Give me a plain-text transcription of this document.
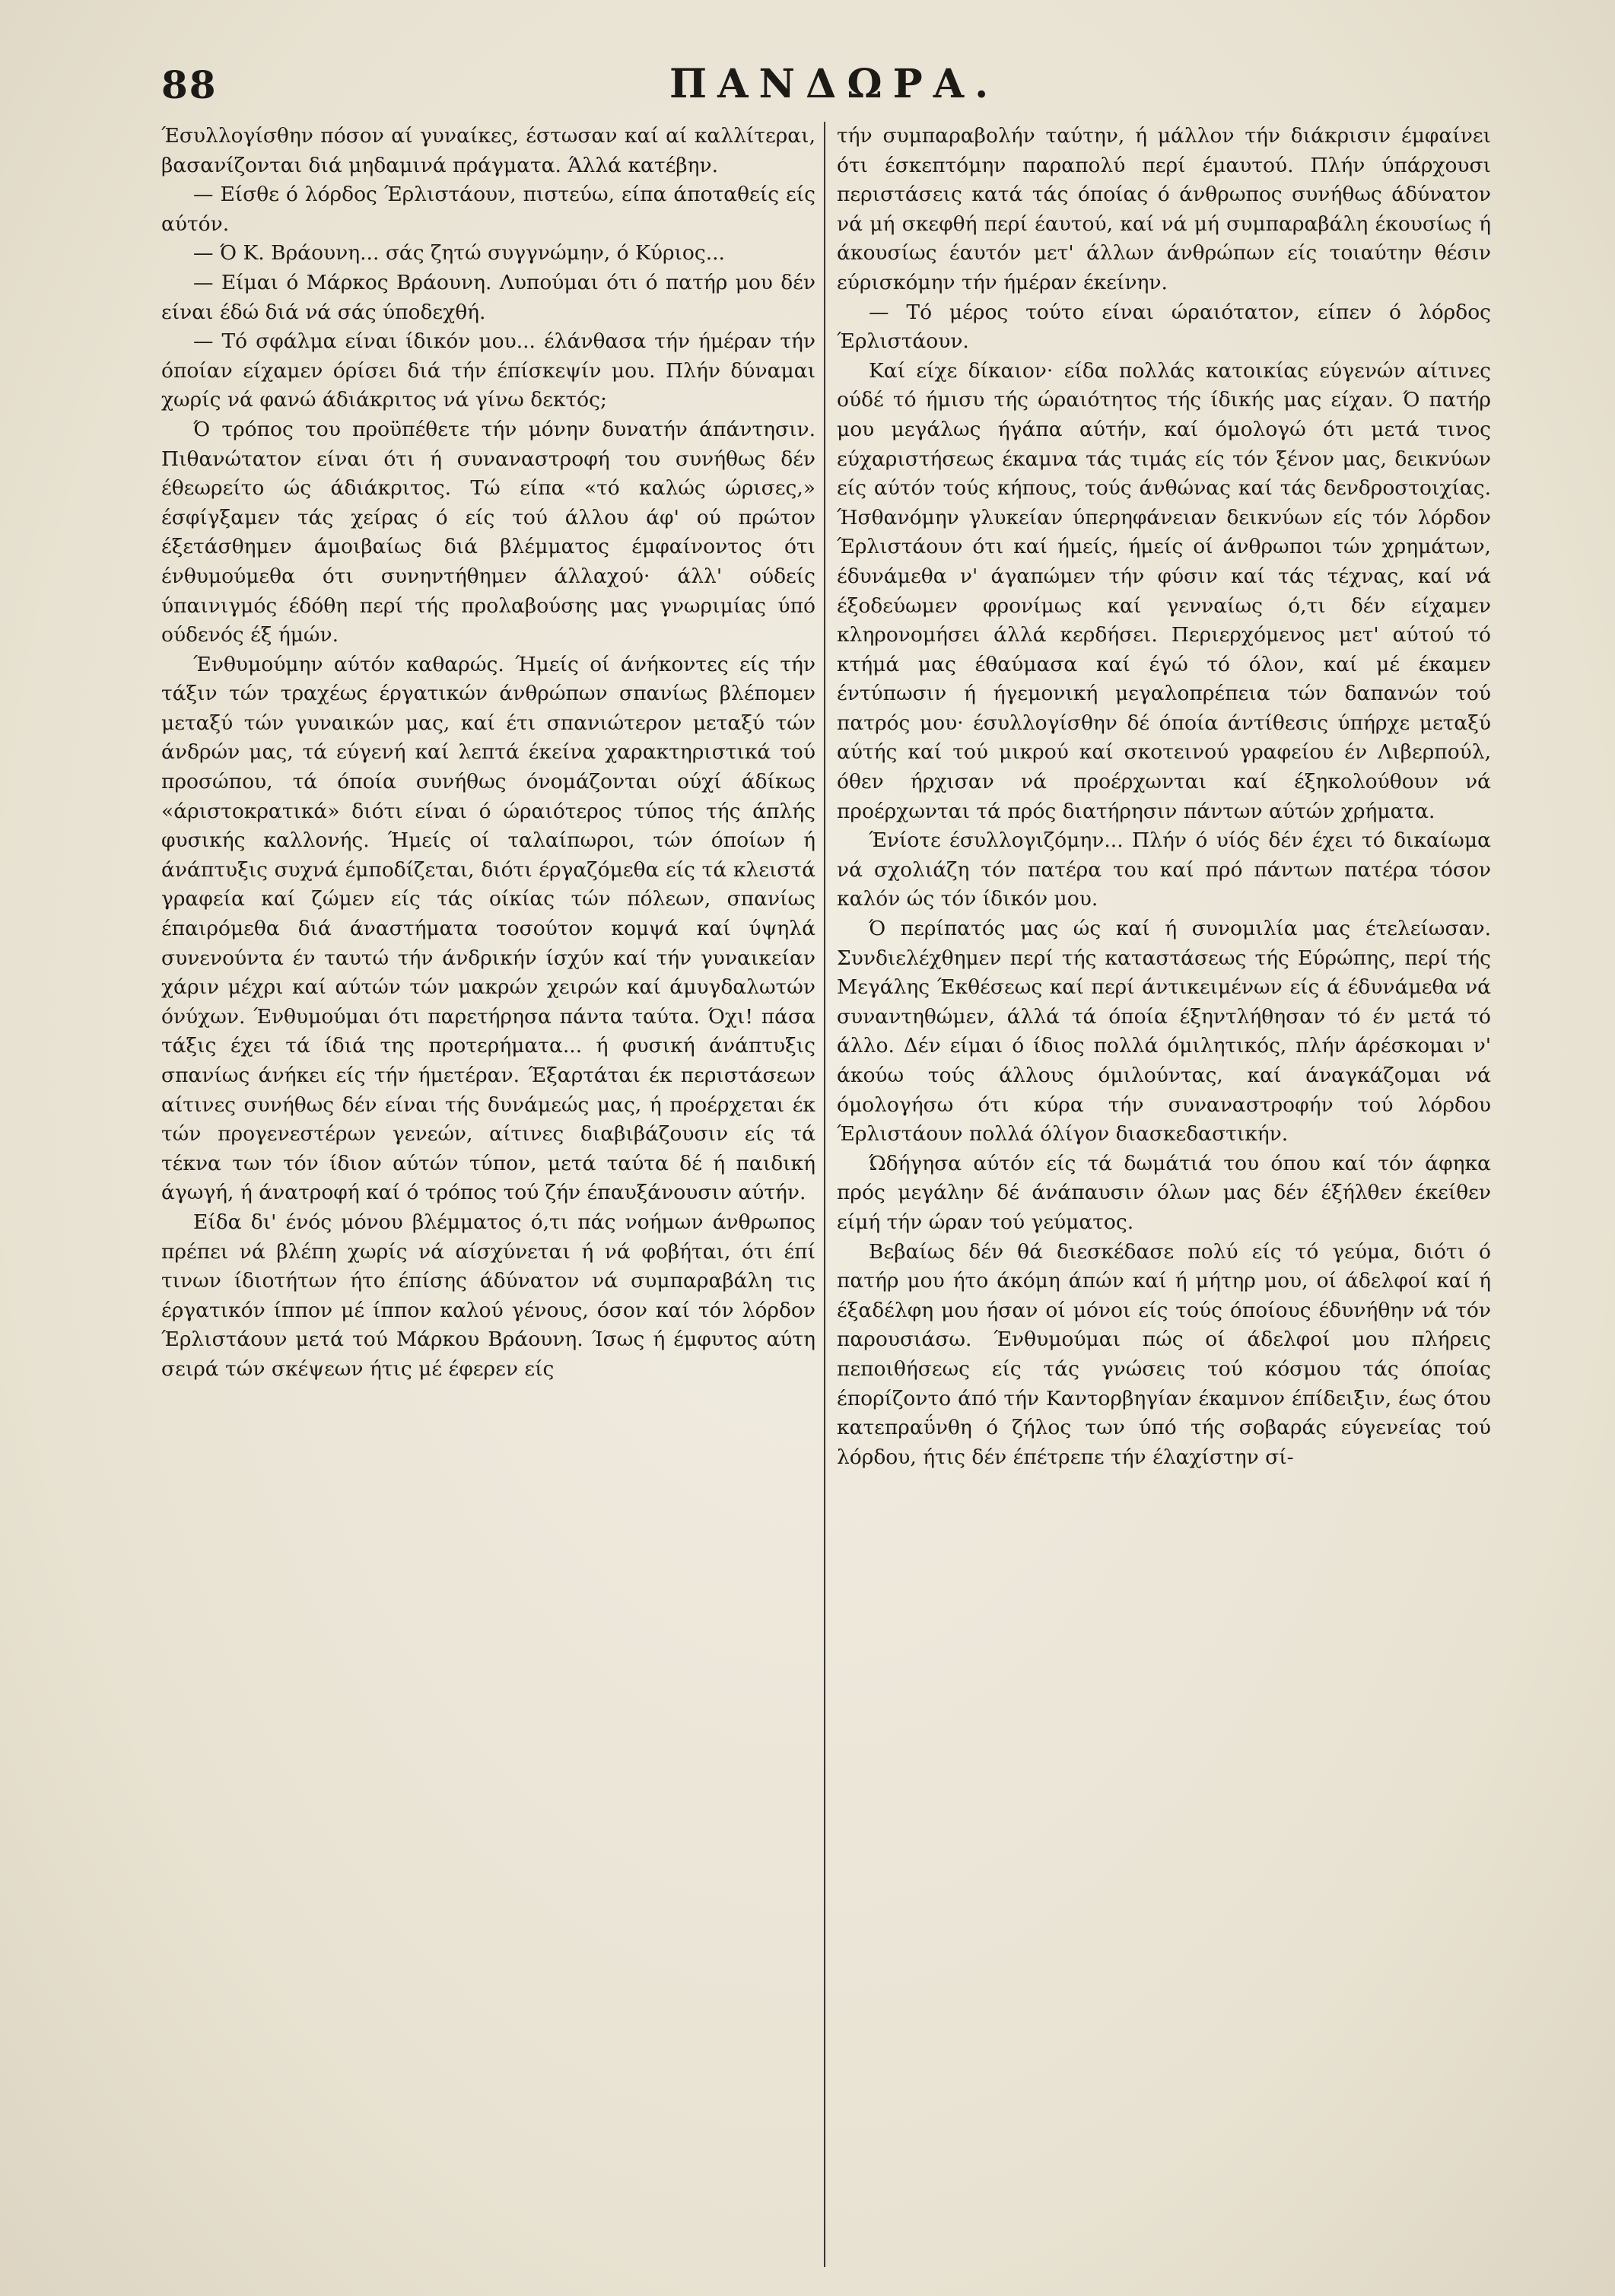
88	ΠΑΝΔΩΡΑ.

Έσυλλογίσθην πόσον αί γυναίκες, έστωσαν καί αί καλλίτεραι, βασανίζονται διά μηδαμινά πράγματα. Άλλά κατέβην.

— Είσθε ό λόρδος Έρλιστάουν, πιστεύω, είπα άποταθείς είς αύτόν.

— Ό Κ. Βράουνη... σάς ζητώ συγγνώμην, ό Κύριος...

— Είμαι ό Μάρκος Βράουνη. Λυπούμαι ότι ό πατήρ μου δέν είναι έδώ διά νά σάς ύποδεχθή.

— Τό σφάλμα είναι ίδικόν μου... έλάνθασα τήν ήμέραν τήν όποίαν είχαμεν όρίσει διά τήν έπίσκεψίν μου. Πλήν δύναμαι χωρίς νά φανώ άδιάκριτος νά γίνω δεκτός;

Ό τρόπος του προϋπέθετε τήν μόνην δυνατήν άπάντησιν. Πιθανώτατον είναι ότι ή συναναστροφή του συνήθως δέν έθεωρείτο ώς άδιάκριτος. Τώ είπα «τό καλώς ώρισες,» έσφίγξαμεν τάς χείρας ό είς τού άλλου άφ' ού πρώτον έξετάσθημεν άμοιβαίως διά βλέμματος έμφαίνοντος ότι ένθυμούμεθα ότι συνηντήθημεν άλλαχού· άλλ' ούδείς ύπαινιγμός έδόθη περί τής προλαβούσης μας γνωριμίας ύπό ούδενός έξ ήμών.

Ένθυμούμην αύτόν καθαρώς. Ήμείς οί άνήκοντες είς τήν τάξιν τών τραχέως έργατικών άνθρώπων σπανίως βλέπομεν μεταξύ τών γυναικών μας, καί έτι σπανιώτερον μεταξύ τών άνδρών μας, τά εύγενή καί λεπτά έκείνα χαρακτηριστικά τού προσώπου, τά όποία συνήθως όνομάζονται ούχί άδίκως «άριστοκρατικά» διότι είναι ό ώραιότερος τύπος τής άπλής φυσικής καλλονής. Ήμείς οί ταλαίπωροι, τών όποίων ή άνάπτυξις συχνά έμποδίζεται, διότι έργαζόμεθα είς τά κλειστά γραφεία καί ζώμεν είς τάς οίκίας τών πόλεων, σπανίως έπαιρόμεθα διά άναστήματα τοσούτον κομψά καί ύψηλά συνενούντα έν ταυτώ τήν άνδρικήν ίσχύν καί τήν γυναικείαν χάριν μέχρι καί αύτών τών μακρών χειρών καί άμυγδαλωτών όνύχων. Ένθυμούμαι ότι παρετήρησα πάντα ταύτα. Όχι! πάσα τάξις έχει τά ίδιά της προτερήματα... ή φυσική άνάπτυξις σπανίως άνήκει είς τήν ήμετέραν. Έξαρτάται έκ περιστάσεων αίτινες συνήθως δέν είναι τής δυνάμεώς μας, ή προέρχεται έκ τών προγενεστέρων γενεών, αίτινες διαβιβάζουσιν είς τά τέκνα των τόν ίδιον αύτών τύπον, μετά ταύτα δέ ή παιδική άγωγή, ή άνατροφή καί ό τρόπος τού ζήν έπαυξάνουσιν αύτήν.

Είδα δι' ένός μόνου βλέμματος ό,τι πάς νοήμων άνθρωπος πρέπει νά βλέπη χωρίς νά αίσχύνεται ή νά φοβήται, ότι έπί τινων ίδιοτήτων ήτο έπίσης άδύνατον νά συμπαραβάλη τις έργατικόν ίππον μέ ίππον καλού γένους, όσον καί τόν λόρδον Έρλιστάουν μετά τού Μάρκου Βράουνη. Ίσως ή έμφυτος αύτη σειρά τών σκέψεων ήτις μέ έφερεν είς

τήν συμπαραβολήν ταύτην, ή μάλλον τήν διάκρισιν έμφαίνει ότι έσκεπτόμην παραπολύ περί έμαυτού. Πλήν ύπάρχουσι περιστάσεις κατά τάς όποίας ό άνθρωπος συνήθως άδύνατον νά μή σκεφθή περί έαυτού, καί νά μή συμπαραβάλη έκουσίως ή άκουσίως έαυτόν μετ' άλλων άνθρώπων είς τοιαύτην θέσιν εύρισκόμην τήν ήμέραν έκείνην.

— Τό μέρος τούτο είναι ώραιότατον, είπεν ό λόρδος Έρλιστάουν.

Καί είχε δίκαιον· είδα πολλάς κατοικίας εύγενών αίτινες ούδέ τό ήμισυ τής ώραιότητος τής ίδικής μας είχαν. Ό πατήρ μου μεγάλως ήγάπα αύτήν, καί όμολογώ ότι μετά τινος εύχαριστήσεως έκαμνα τάς τιμάς είς τόν ξένον μας, δεικνύων είς αύτόν τούς κήπους, τούς άνθώνας καί τάς δενδροστοιχίας. Ήσθανόμην γλυκείαν ύπερηφάνειαν δεικνύων είς τόν λόρδον Έρλιστάουν ότι καί ήμείς, ήμείς οί άνθρωποι τών χρημάτων, έδυνάμεθα ν' άγαπώμεν τήν φύσιν καί τάς τέχνας, καί νά έξοδεύωμεν φρονίμως καί γενναίως ό,τι δέν είχαμεν κληρονομήσει άλλά κερδήσει. Περιερχόμενος μετ' αύτού τό κτήμά μας έθαύμασα καί έγώ τό όλον, καί μέ έκαμεν έντύπωσιν ή ήγεμονική μεγαλοπρέπεια τών δαπανών τού πατρός μου· έσυλλογίσθην δέ όποία άντίθεσις ύπήρχε μεταξύ αύτής καί τού μικρού καί σκοτεινού γραφείου έν Λιβερπούλ, όθεν ήρχισαν νά προέρχωνται καί έξηκολούθουν νά προέρχωνται τά πρός διατήρησιν πάντων αύτών χρήματα.

Ένίοτε έσυλλογιζόμην... Πλήν ό υίός δέν έχει τό δικαίωμα νά σχολιάζη τόν πατέρα του καί πρό πάντων πατέρα τόσον καλόν ώς τόν ίδικόν μου.

Ό περίπατός μας ώς καί ή συνομιλία μας έτελείωσαν. Συνδιελέχθημεν περί τής καταστάσεως τής Εύρώπης, περί τής Μεγάλης Έκθέσεως καί περί άντικειμένων είς ά έδυνάμεθα νά συναντηθώμεν, άλλά τά όποία έξηντλήθησαν τό έν μετά τό άλλο. Δέν είμαι ό ίδιος πολλά όμιλητικός, πλήν άρέσκομαι ν' άκούω τούς άλλους όμιλούντας, καί άναγκάζομαι νά όμολογήσω ότι κύρα τήν συναναστροφήν τού λόρδου Έρλιστάουν πολλά όλίγον διασκεδαστικήν.

Ώδήγησα αύτόν είς τά δωμάτιά του όπου καί τόν άφηκα πρός μεγάλην δέ άνάπαυσιν όλων μας δέν έξήλθεν έκείθεν είμή τήν ώραν τού γεύματος.

Βεβαίως δέν θά διεσκέδασε πολύ είς τό γεύμα, διότι ό πατήρ μου ήτο άκόμη άπών καί ή μήτηρ μου, οί άδελφοί καί ή έξαδέλφη μου ήσαν οί μόνοι είς τούς όποίους έδυνήθην νά τόν παρουσιάσω. Ένθυμούμαι πώς οί άδελφοί μου πλήρεις πεποιθήσεως είς τάς γνώσεις τού κόσμου τάς όποίας έπορίζοντο άπό τήν Καντορβηγίαν έκαμνον έπίδειξιν, έως ότου κατεπραΰνθη ό ζήλος των ύπό τής σοβαράς εύγενείας τού λόρδου, ήτις δέν έπέτρεπε τήν έλαχίστην σί-
